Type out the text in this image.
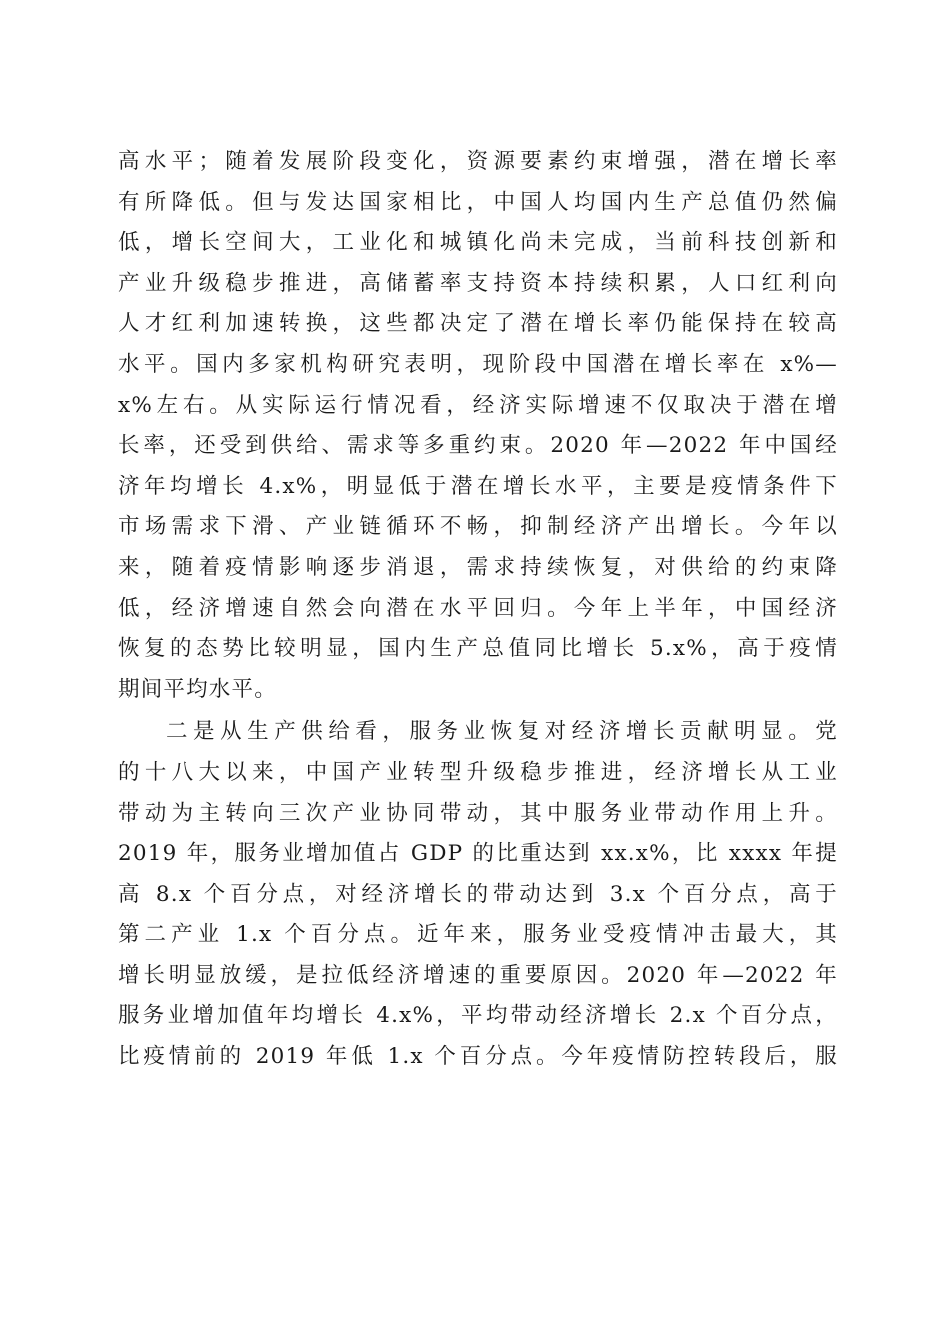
高水平；随着发展阶段变化，资源要素约束增强，潜在增长率
有所降低。但与发达国家相比，中国人均国内生产总值仍然偏
低，增长空间大，工业化和城镇化尚未完成，当前科技创新和
产业升级稳步推进，高储蓄率支持资本持续积累，人口红利向
人才红利加速转换，这些都决定了潜在增长率仍能保持在较高
水平。国内多家机构研究表明，现阶段中国潜在增长率在 x%—
x%左右。从实际运行情况看，经济实际增速不仅取决于潜在增
长率，还受到供给、需求等多重约束。2020 年—2022 年中国经
济年均增长 4.x%，明显低于潜在增长水平，主要是疫情条件下
市场需求下滑、产业链循环不畅，抑制经济产出增长。今年以
来，随着疫情影响逐步消退，需求持续恢复，对供给的约束降
低，经济增速自然会向潜在水平回归。今年上半年，中国经济
恢复的态势比较明显，国内生产总值同比增长 5.x%，高于疫情
期间平均水平。
二是从生产供给看，服务业恢复对经济增长贡献明显。党
的十八大以来，中国产业转型升级稳步推进，经济增长从工业
带动为主转向三次产业协同带动，其中服务业带动作用上升。
2019 年，服务业增加值占 GDP 的比重达到 xx.x%，比 xxxx 年提
高 8.x 个百分点，对经济增长的带动达到 3.x 个百分点，高于
第二产业 1.x 个百分点。近年来，服务业受疫情冲击最大，其
增长明显放缓，是拉低经济增速的重要原因。2020 年—2022 年
服务业增加值年均增长 4.x%，平均带动经济增长 2.x 个百分点，
比疫情前的 2019 年低 1.x 个百分点。今年疫情防控转段后，服
